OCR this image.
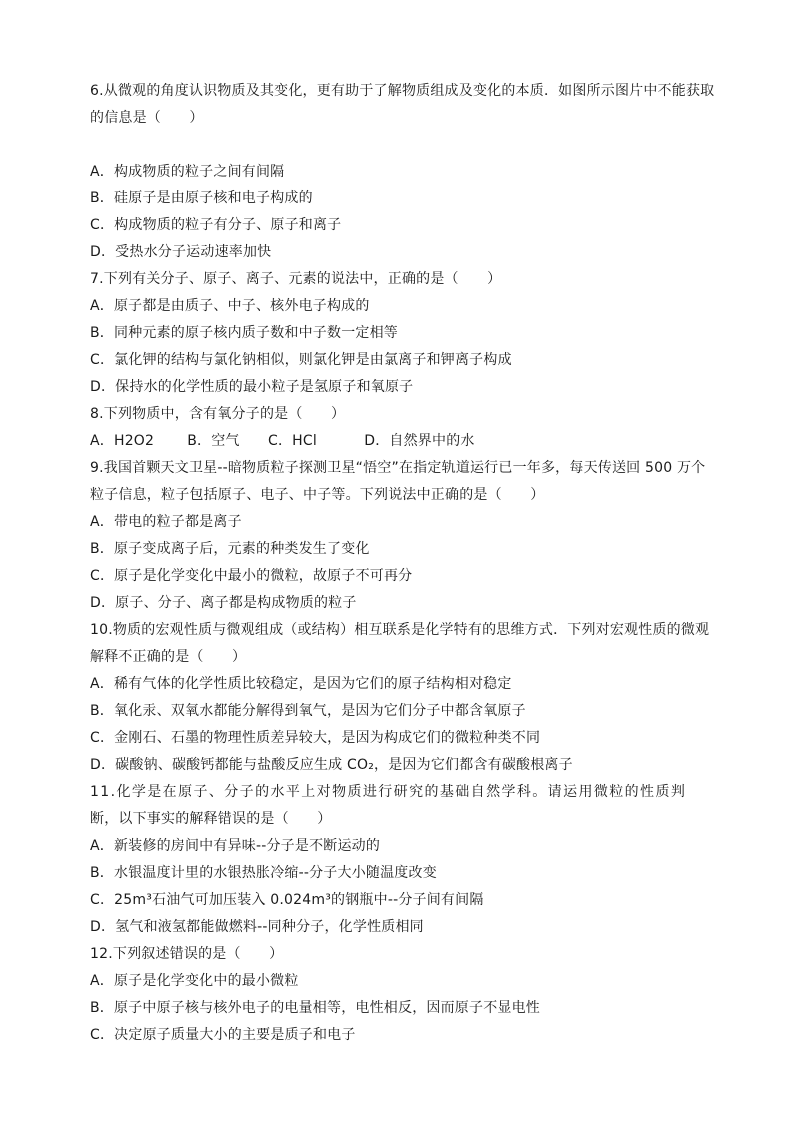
6.从微观的角度认识物质及其变化，更有助于了解物质组成及变化的本质．如图所示图片中不能获取
的信息是（　　）
A．构成物质的粒子之间有间隔
B．硅原子是由原子核和电子构成的
C．构成物质的粒子有分子、原子和离子
D．受热水分子运动速率加快
7.下列有关分子、原子、离子、元素的说法中，正确的是（　　）
A．原子都是由质子、中子、核外电子构成的
B．同种元素的原子核内质子数和中子数一定相等
C．氯化钾的结构与氯化钠相似，则氯化钾是由氯离子和钾离子构成
D．保持水的化学性质的最小粒子是氢原子和氧原子
8.下列物质中，含有氧分子的是（　　）
A．H2O2　　 B．空气　　C．HCl　　　 D．自然界中的水
9.我国首颗天文卫星--暗物质粒子探测卫星“悟空”在指定轨道运行已一年多，每天传送回 500 万个
粒子信息，粒子包括原子、电子、中子等。下列说法中正确的是（　　）
A．带电的粒子都是离子
B．原子变成离子后，元素的种类发生了变化
C．原子是化学变化中最小的微粒，故原子不可再分
D．原子、分子、离子都是构成物质的粒子
10.物质的宏观性质与微观组成（或结构）相互联系是化学特有的思维方式．下列对宏观性质的微观
解释不正确的是（　　）
A．稀有气体的化学性质比较稳定，是因为它们的原子结构相对稳定
B．氧化汞、双氧水都能分解得到氧气，是因为它们分子中都含氧原子
C．金刚石、石墨的物理性质差异较大，是因为构成它们的微粒种类不同
D．碳酸钠、碳酸钙都能与盐酸反应生成 CO₂，是因为它们都含有碳酸根离子
11.化学是在原子、分子的水平上对物质进行研究的基础自然学科。请运用微粒的性质判
断，以下事实的解释错误的是（　　）
A．新装修的房间中有异味--分子是不断运动的
B．水银温度计里的水银热胀冷缩--分子大小随温度改变
C．25m³石油气可加压装入 0.024m³的钢瓶中--分子间有间隔
D．氢气和液氢都能做燃料--同种分子，化学性质相同
12.下列叙述错误的是（　　）
A．原子是化学变化中的最小微粒
B．原子中原子核与核外电子的电量相等，电性相反，因而原子不显电性
C．决定原子质量大小的主要是质子和电子
